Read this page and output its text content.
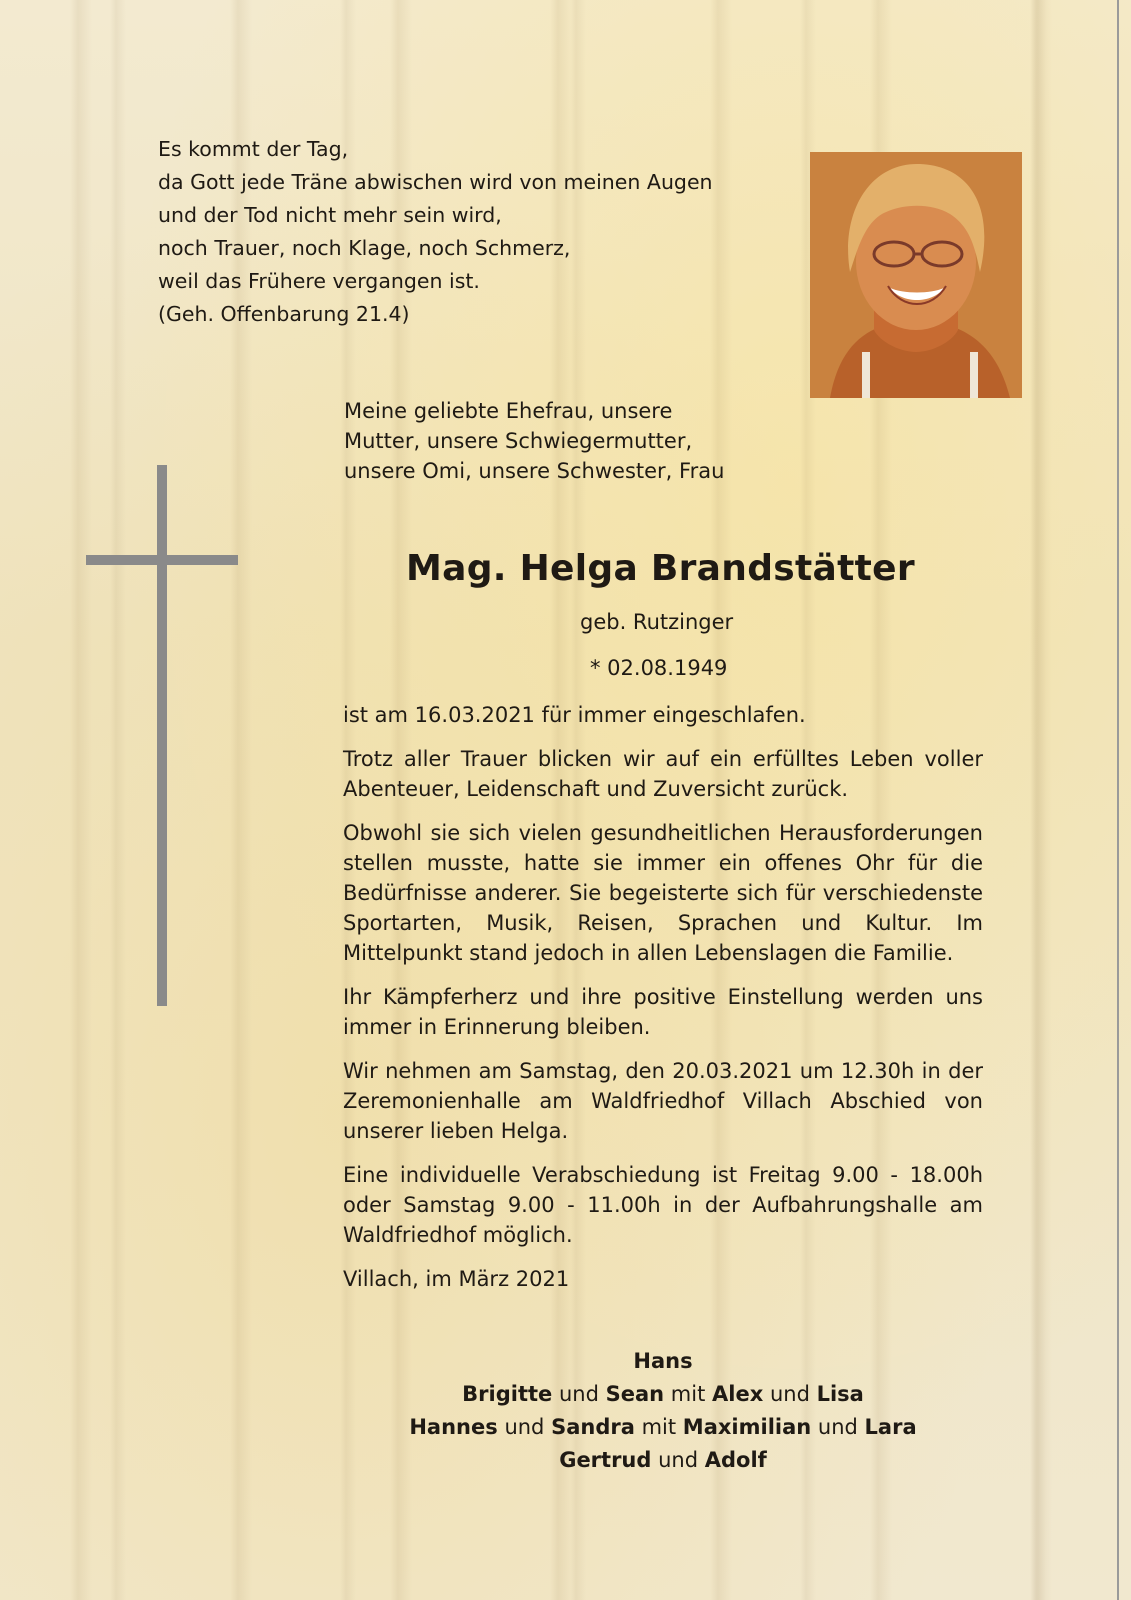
Es kommt der Tag,
da Gott jede Träne abwischen wird von meinen Augen
und der Tod nicht mehr sein wird,
noch Trauer, noch Klage, noch Schmerz,
weil das Frühere vergangen ist.
(Geh. Offenbarung 21.4)
Meine geliebte Ehefrau, unsere
Mutter, unsere Schwiegermutter,
unsere Omi, unsere Schwester, Frau
Mag. Helga Brandstätter
geb. Rutzinger
* 02.08.1949

ist am 16.03.2021 für immer eingeschlafen.

Trotz aller Trauer blicken wir auf ein erfülltes Leben voller Abenteuer, Leidenschaft und Zuversicht zurück.

Obwohl sie sich vielen gesundheitlichen Herausforderungen stellen musste, hatte sie immer ein offenes Ohr für die Bedürfnisse anderer. Sie begeisterte sich für verschiedenste Sportarten, Musik, Reisen, Sprachen und Kultur. Im Mittelpunkt stand jedoch in allen Lebenslagen die Familie.

Ihr Kämpferherz und ihre positive Einstellung werden uns immer in Erinnerung bleiben.

Wir nehmen am Samstag, den 20.03.2021 um 12.30h in der Zeremonienhalle am Waldfriedhof Villach Abschied von unserer lieben Helga.

Eine individuelle Verabschiedung ist Freitag 9.00 - 18.00h oder Samstag 9.00 - 11.00h in der Aufbahrungshalle am Waldfriedhof möglich.

Villach, im März 2021

Hans
Brigitte und Sean mit Alex und Lisa
Hannes und Sandra mit Maximilian und Lara
Gertrud und Adolf
